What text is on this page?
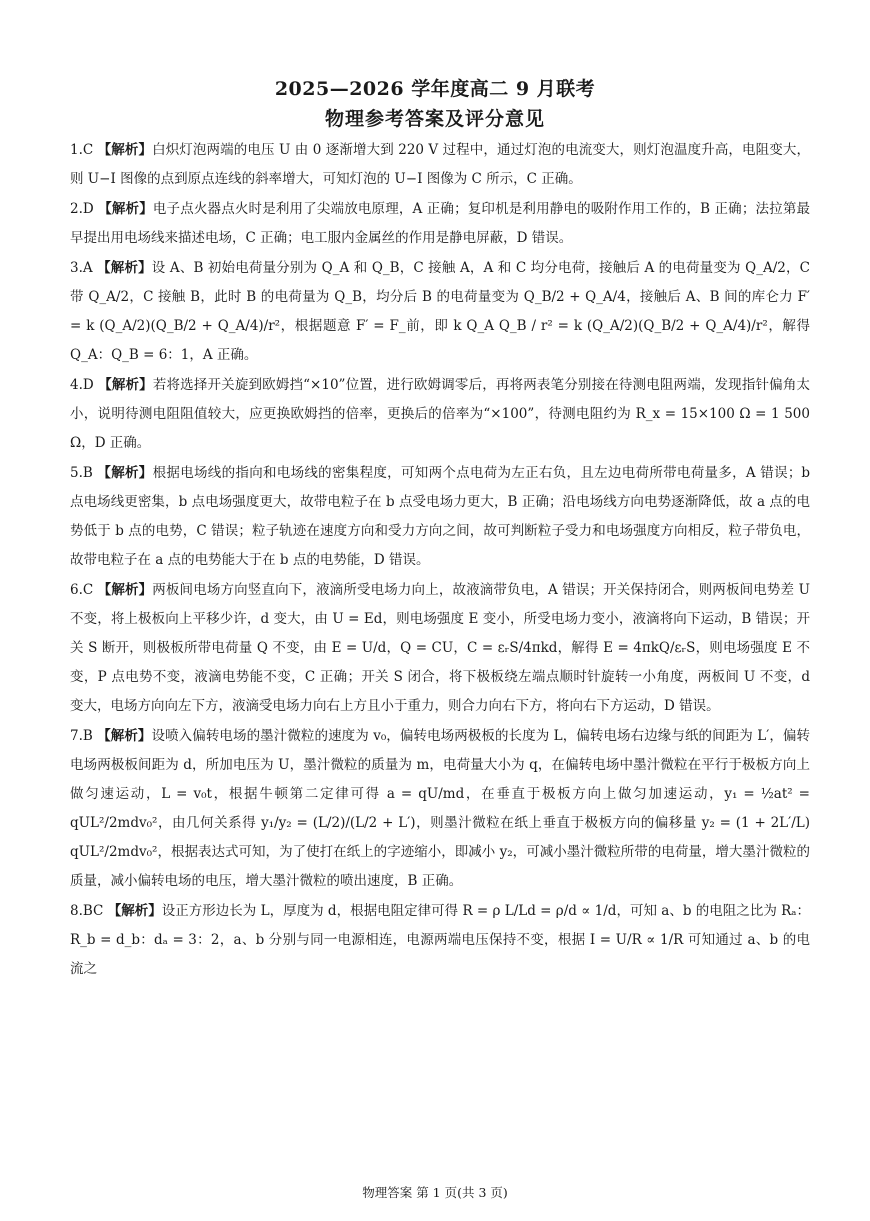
2025—2026 学年度高二 9 月联考
物理参考答案及评分意见
1.C 【解析】白炽灯泡两端的电压 U 由 0 逐渐增大到 220 V 过程中，通过灯泡的电流变大，则灯泡温度升高，电阻变大，则 U−I 图像的点到原点连线的斜率增大，可知灯泡的 U−I 图像为 C 所示，C 正确。
2.D 【解析】电子点火器点火时是利用了尖端放电原理，A 正确；复印机是利用静电的吸附作用工作的，B 正确；法拉第最早提出用电场线来描述电场，C 正确；电工服内金属丝的作用是静电屏蔽，D 错误。
3.A 【解析】设 A、B 初始电荷量分别为 Q_A 和 Q_B，C 接触 A，A 和 C 均分电荷，接触后 A 的电荷量变为 Q_A/2，C 带 Q_A/2，C 接触 B，此时 B 的电荷量为 Q_B，均分后 B 的电荷量变为 Q_B/2 + Q_A/4，接触后 A、B 间的库仑力 F′ = k (Q_A/2)(Q_B/2 + Q_A/4)/r²，根据题意 F′ = F_前，即 k Q_A Q_B / r² = k (Q_A/2)(Q_B/2 + Q_A/4)/r²，解得 Q_A：Q_B = 6：1，A 正确。
4.D 【解析】若将选择开关旋到欧姆挡“×10”位置，进行欧姆调零后，再将两表笔分别接在待测电阻两端，发现指针偏角太小，说明待测电阻阻值较大，应更换欧姆挡的倍率，更换后的倍率为“×100”，待测电阻约为 R_x = 15×100 Ω = 1 500 Ω，D 正确。
5.B 【解析】根据电场线的指向和电场线的密集程度，可知两个点电荷为左正右负，且左边电荷所带电荷量多，A 错误；b 点电场线更密集，b 点电场强度更大，故带电粒子在 b 点受电场力更大，B 正确；沿电场线方向电势逐渐降低，故 a 点的电势低于 b 点的电势，C 错误；粒子轨迹在速度方向和受力方向之间，故可判断粒子受力和电场强度方向相反，粒子带负电，故带电粒子在 a 点的电势能大于在 b 点的电势能，D 错误。
6.C 【解析】两板间电场方向竖直向下，液滴所受电场力向上，故液滴带负电，A 错误；开关保持闭合，则两板间电势差 U 不变，将上极板向上平移少许，d 变大，由 U = Ed，则电场强度 E 变小，所受电场力变小，液滴将向下运动，B 错误；开关 S 断开，则极板所带电荷量 Q 不变，由 E = U/d，Q = CU，C = εᵣS/4πkd，解得 E = 4πkQ/εᵣS，则电场强度 E 不变，P 点电势不变，液滴电势能不变，C 正确；开关 S 闭合，将下极板绕左端点顺时针旋转一小角度，两板间 U 不变，d 变大，电场方向向左下方，液滴受电场力向右上方且小于重力，则合力向右下方，将向右下方运动，D 错误。
7.B 【解析】设喷入偏转电场的墨汁微粒的速度为 v₀，偏转电场两极板的长度为 L，偏转电场右边缘与纸的间距为 L′，偏转电场两极板间距为 d，所加电压为 U，墨汁微粒的质量为 m，电荷量大小为 q，在偏转电场中墨汁微粒在平行于极板方向上做匀速运动，L = v₀t，根据牛顿第二定律可得 a = qU/md，在垂直于极板方向上做匀加速运动，y₁ = ½at² = qUL²/2mdv₀²，由几何关系得 y₁/y₂ = (L/2)/(L/2 + L′)，则墨汁微粒在纸上垂直于极板方向的偏移量 y₂ = (1 + 2L′/L) qUL²/2mdv₀²，根据表达式可知，为了使打在纸上的字迹缩小，即减小 y₂，可减小墨汁微粒所带的电荷量，增大墨汁微粒的质量，减小偏转电场的电压，增大墨汁微粒的喷出速度，B 正确。
8.BC 【解析】设正方形边长为 L，厚度为 d，根据电阻定律可得 R = ρ L/Ld = ρ/d ∝ 1/d，可知 a、b 的电阻之比为 Rₐ：R_b = d_b：dₐ = 3：2，a、b 分别与同一电源相连，电源两端电压保持不变，根据 I = U/R ∝ 1/R 可知通过 a、b 的电流之
物理答案 第 1 页(共 3 页)
